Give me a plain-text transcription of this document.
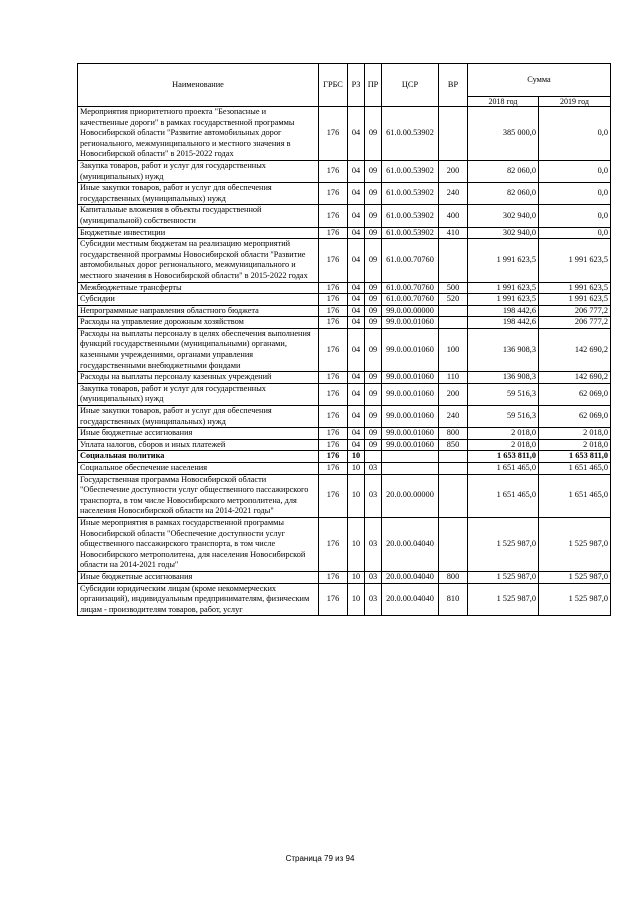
Наименование	ГРБС	РЗ	ПР	ЦСР	ВР	Сумма	
						2018 год	2019 год
Мероприятия приоритетного проекта "Безопасные и качественные дороги" в рамках государственной программы Новосибирской области "Развитие автомобильных дорог регионального, межмуниципального и местного значения в Новосибирской области" в 2015-2022 годах	176	04	09	61.0.00.53902		385 000,0	0,0
Закупка товаров, работ и услуг для государственных (муниципальных) нужд	176	04	09	61.0.00.53902	200	82 060,0	0,0
Иные закупки товаров, работ и услуг для обеспечения государственных (муниципальных) нужд	176	04	09	61.0.00.53902	240	82 060,0	0,0
Капитальные вложения в объекты государственной (муниципальной) собственности	176	04	09	61.0.00.53902	400	302 940,0	0,0
Бюджетные инвестиции	176	04	09	61.0.00.53902	410	302 940,0	0,0
Субсидии местным бюджетам на реализацию мероприятий государственной программы Новосибирской области "Развитие автомобильных дорог регионального, межмуниципального и местного значения в Новосибирской области" в 2015-2022 годах	176	04	09	61.0.00.70760		1 991 623,5	1 991 623,5
Межбюджетные трансферты	176	04	09	61.0.00.70760	500	1 991 623,5	1 991 623,5
Субсидии	176	04	09	61.0.00.70760	520	1 991 623,5	1 991 623,5
Непрограммные направления областного бюджета	176	04	09	99.0.00.00000		198 442,6	206 777,2
Расходы на управление дорожным хозяйством	176	04	09	99.0.00.01060		198 442,6	206 777,2
Расходы на выплаты персоналу в целях обеспечения выполнения функций государственными (муниципальными) органами, казенными учреждениями, органами управления государственными внебюджетными фондами	176	04	09	99.0.00.01060	100	136 908,3	142 690,2
Расходы на выплаты персоналу казенных учреждений	176	04	09	99.0.00.01060	110	136 908,3	142 690,2
Закупка товаров, работ и услуг для государственных (муниципальных) нужд	176	04	09	99.0.00.01060	200	59 516,3	62 069,0
Иные закупки товаров, работ и услуг для обеспечения государственных (муниципальных) нужд	176	04	09	99.0.00.01060	240	59 516,3	62 069,0
Иные бюджетные ассигнования	176	04	09	99.0.00.01060	800	2 018,0	2 018,0
Уплата налогов, сборов и иных платежей	176	04	09	99.0.00.01060	850	2 018,0	2 018,0
Социальная политика	176	10				1 653 811,0	1 653 811,0
Социальное обеспечение населения	176	10	03			1 651 465,0	1 651 465,0
Государственная программа Новосибирской области "Обеспечение доступности услуг общественного пассажирского транспорта, в том числе Новосибирского метрополитена, для населения Новосибирской области на 2014-2021 годы"	176	10	03	20.0.00.00000		1 651 465,0	1 651 465,0
Иные мероприятия в рамках государственной программы Новосибирской области "Обеспечение доступности услуг общественного пассажирского транспорта, в том числе Новосибирского метрополитена, для населения Новосибирской области на 2014-2021 годы"	176	10	03	20.0.00.04040		1 525 987,0	1 525 987,0
Иные бюджетные ассигнования	176	10	03	20.0.00.04040	800	1 525 987,0	1 525 987,0
Субсидии юридическим лицам (кроме некоммерческих организаций), индивидуальным предпринимателям, физическим лицам - производителям товаров, работ, услуг	176	10	03	20.0.00.04040	810	1 525 987,0	1 525 987,0
Страница 79 из 94
